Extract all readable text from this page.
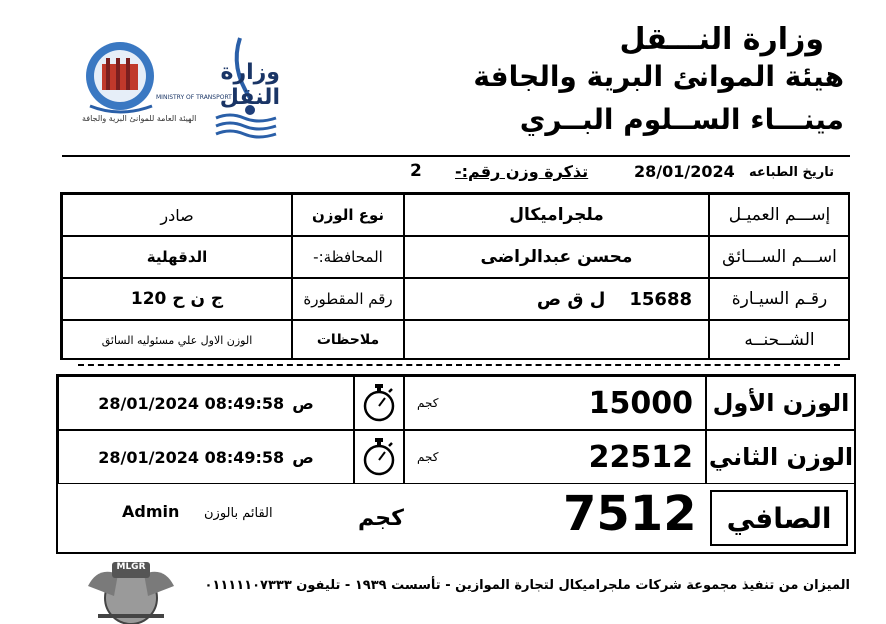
وزارة النـــقل
هيئة الموانئ البرية والجافة
مينـــاء الســلوم البــري
وزارة النقل
MINISTRY OF TRANSPORT
الهيئة العامة للموانئ البرية والجافة
تاريخ الطباعه
28/01/2024
تذكرة وزن رقم:-
2
إســـم العميـل
ملجراميكال
نوع الوزن
صادر
اســـم الســـائق
محسن عبدالراضى
المحافظة:-
الدقهلية
رقـم السيـارة
15688
ل ق ص
رقم المقطورة
ج ن ح 120
الشــحنــه
ملاحظات
الوزن الاول علي مسئوليه السائق
الوزن الأول
15000
كجم
28/01/2024 08:49:58 ص
الوزن الثاني
22512
كجم
28/01/2024 08:49:58 ص
الصافي
7512
كجم
القائم بالوزن
Admin
MLGR
الميزان من تنفيذ مجموعة شركات ملجراميكال لتجارة الموازين - تأسست ١٩٣٩ - تليفون ٠١١١١١٠٧٣٣٣
